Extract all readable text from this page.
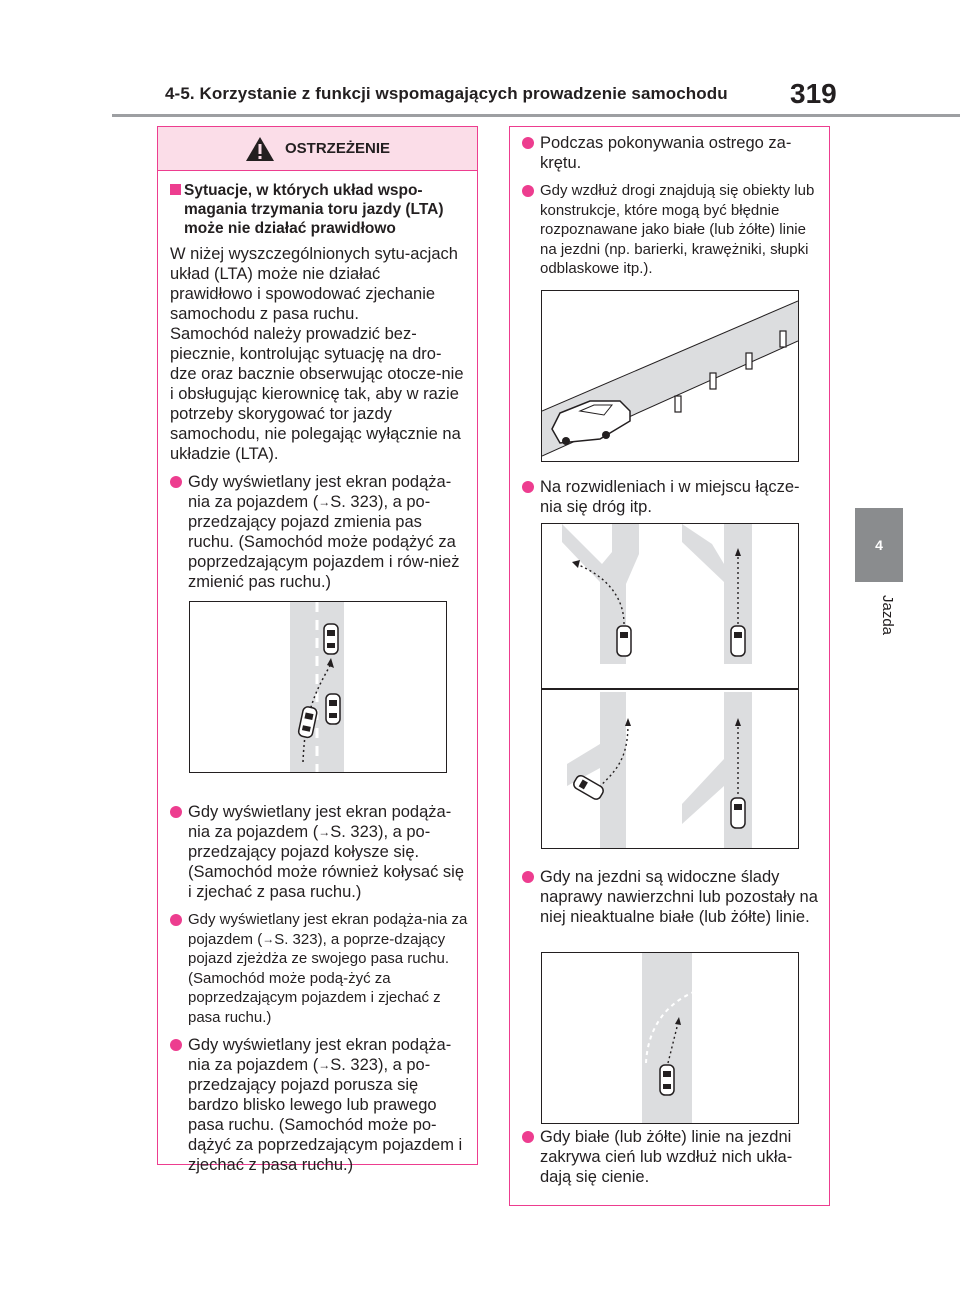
4-5. Korzystanie z funkcji wspomagających prowadzenie samochodu	319
4
Jazda
OSTRZEŻENIE
Sytuacje, w których układ wspo-magania trzymania toru jazdy (LTA) może nie działać prawidłowo
W niżej wyszczególnionych sytu-acjach układ (LTA) może nie działać prawidłowo i spowodować zjechanie samochodu z pasa ruchu.
Samochód należy prowadzić bez-piecznie, kontrolując sytuację na dro-dze oraz bacznie obserwując otocze-nie i obsługując kierownicę tak, aby w razie potrzeby skorygować tor jazdy samochodu, nie polegając wyłącznie na układzie (LTA).
Gdy wyświetlany jest ekran podąża-nia za pojazdem (→S. 323), a po-przedzający pojazd zmienia pas ruchu. (Samochód może podążyć za poprzedzającym pojazdem i rów-nież zmienić pas ruchu.)
Gdy wyświetlany jest ekran podąża-nia za pojazdem (→S. 323), a po-przedzający pojazd kołysze się. (Samochód może również kołysać się i zjechać z pasa ruchu.)
Gdy wyświetlany jest ekran podąża-nia za pojazdem (→S. 323), a poprze-dzający pojazd zjeżdża ze swojego pasa ruchu. (Samochód może podą-żyć za poprzedzającym pojazdem i zjechać z pasa ruchu.)
Gdy wyświetlany jest ekran podąża-nia za pojazdem (→S. 323), a po-przedzający pojazd porusza się bardzo blisko lewego lub prawego pasa ruchu. (Samochód może po-dążyć za poprzedzającym pojazdem i zjechać z pasa ruchu.)
Podczas pokonywania ostrego za-krętu.
Gdy wzdłuż drogi znajdują się obiekty lub konstrukcje, które mogą być błędnie rozpoznawane jako białe (lub żółte) linie na jezdni (np. barierki, krawężniki, słupki odblaskowe itp.).
Na rozwidleniach i w miejscu łącze-nia się dróg itp.
Gdy na jezdni są widoczne ślady naprawy nawierzchni lub pozostały na niej nieaktualne białe (lub żółte) linie.
Gdy białe (lub żółte) linie na jezdni zakrywa cień lub wzdłuż nich ukła-dają się cienie.
